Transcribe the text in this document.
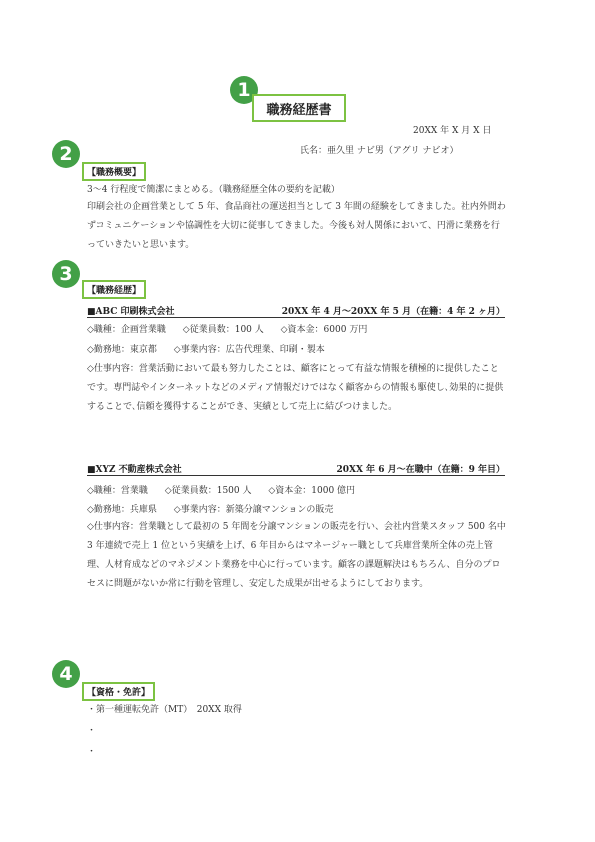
1
職務経歴書
20XX 年 X 月 X 日
氏名：亜久里 ナビ男（アグリ ナビオ）
2
【職務概要】
3～4 行程度で簡潔にまとめる。（職務経歴全体の要約を記載）
印刷会社の企画営業として 5 年、食品商社の運送担当として 3 年間の経験をしてきました。社内外問わずコミュニケーションや協調性を大切に従事してきました。今後も対人関係において、円滑に業務を行っていきたいと思います。
3
【職務経歴】
■ABC 印刷株式会社	20XX 年 4 月～20XX 年 5 月（在籍：4 年 2 ヶ月）
◇職種：企画営業職 ◇従業員数：100 人 ◇資本金：6000 万円
◇勤務地：東京都 ◇事業内容：広告代理業、印刷・製本
◇仕事内容：営業活動において最も努力したことは、顧客にとって有益な情報を積極的に提供したことです。専門誌やインターネットなどのメディア情報だけではなく顧客からの情報も駆使し､効果的に提供することで､信頼を獲得することができ、実績として売上に結びつけました。
■XYZ 不動産株式会社	20XX 年 6 月～在職中（在籍：9 年目）
◇職種：営業職 ◇従業員数：1500 人 ◇資本金：1000 億円
◇勤務地：兵庫県 ◇事業内容：新築分譲マンションの販売
◇仕事内容：営業職として最初の 5 年間を分譲マンションの販売を行い、会社内営業スタッフ 500 名中 3 年連続で売上 1 位という実績を上げ、6 年目からはマネージャー職として兵庫営業所全体の売上管理、人材育成などのマネジメント業務を中心に行っています。顧客の課題解決はもちろん、自分のプロセスに問題がないか常に行動を管理し、安定した成果が出せるようにしております。
4
【資格・免許】
・第一種運転免許（MT）　20XX 取得
・
・
